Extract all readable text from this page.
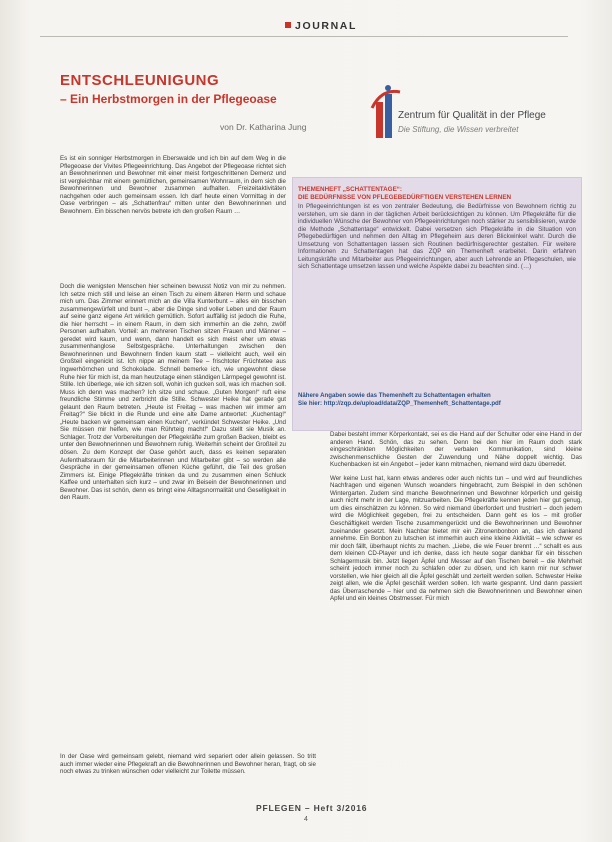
JOURNAL
ENTSCHLEUNIGUNG
– Ein Herbstmorgen in der Pflegeoase
von Dr. Katharina Jung
Zentrum für Qualität in der Pflege
Die Stiftung, die Wissen verbreitet

Es ist ein sonniger Herbstmorgen in Eberswalde und ich bin auf dem Weg in die Pflegeoase der Vivites Pflegeeinrichtung. Das Angebot der Pflegeoase richtet sich an Bewohnerinnen und Bewohner mit einer meist fortgeschrittenen Demenz und ist vergleichbar mit einem gemütlichen, gemeinsamen Wohnraum, in dem sich die Bewohnerinnen und Bewohner zusammen aufhalten. Freizeitaktivitäten nachgehen oder auch gemeinsam essen. Ich darf heute einen Vormittag in der Oase verbringen – als „Schattenfrau“ mitten unter den Bewohnerinnen und Bewohnern. Ein bisschen nervös betrete ich den großen Raum …

Doch die wenigsten Menschen hier scheinen bewusst Notiz von mir zu nehmen. Ich setze mich still und leise an einen Tisch zu einem älteren Herrn und schaue mich um. Das Zimmer erinnert mich an die Villa Kunterbunt – alles ein bisschen zusammengewürfelt und bunt –, aber die Dinge sind voller Leben und der Raum auf seine ganz eigene Art wirklich gemütlich. Sofort auffällig ist jedoch die Ruhe, die hier herrscht – in einem Raum, in dem sich immerhin an die zehn, zwölf Personen aufhalten. Vorteil: an mehreren Tischen sitzen Frauen und Männer – geredet wird kaum, und wenn, dann handelt es sich meist eher um etwas zusammenhanglose Selbstgespräche. Unterhaltungen zwischen den Bewohnerinnen und Bewohnern finden kaum statt – vielleicht auch, weil ein Großteil eingenickt ist. Ich nippe an meinem Tee – frischtoter Früchtetee aus Ingwerhörnchen und Schokolade. Schnell bemerke ich, wie ungewohnt diese Ruhe hier für mich ist, da man heutzutage einen ständigen Lärmpegel gewohnt ist. Stille. Ich überlege, wie ich sitzen soll, wohin ich gucken soll, was ich machen soll. Muss ich denn was machen? Ich sitze und schaue. „Guten Morgen!“ ruft eine freundliche Stimme und zerbricht die Stille. Schwester Heike hat gerade gut gelaunt den Raum betreten. „Heute ist Freitag – was machen wir immer am Freitag?“ Sie blickt in die Runde und eine alte Dame antwortet: „Kuchentag!“ „Heute backen wir gemeinsam einen Kuchen“, verkündet Schwester Heike. „Und Sie müssen mir helfen, wie man Rührteig macht!“ Dazu stellt sie Musik an. Schlager. Trotz der Vorbereitungen der Pflegekräfte zum großen Backen, bleibt es unter den Bewohnerinnen und Bewohnern ruhig. Weiterhin scheint der Großteil zu dösen. Zu dem Konzept der Oase gehört auch, dass es keinen separaten Aufenthaltsraum für die Mitarbeiterinnen und Mitarbeiter gibt – so werden alle Gespräche in der gemeinsamen offenen Küche geführt, die Teil des großen Zimmers ist. Einige Pflegekräfte trinken da und zu zusammen einen Schluck Kaffee und unterhalten sich kurz – und zwar im Beisein der Bewohnerinnen und Bewohner. Das ist schön, denn es bringt eine Alltagsnormalität und Geselligkeit in den Raum.

In der Oase wird gemeinsam gelebt, niemand wird separiert oder allein gelassen. So tritt auch immer wieder eine Pflegekraft an die Bewohnerinnen und Bewohner heran, fragt, ob sie noch etwas zu trinken wünschen oder vielleicht zur Toilette müssen.

THEMENHEFT „SCHATTENTAGE“:
DIE BEDÜRFNISSE VON PFLEGEBEDÜRFTIGEN VERSTEHEN LERNEN
In Pflegeeinrichtungen ist es von zentraler Bedeutung, die Bedürfnisse von Bewohnern richtig zu verstehen, um sie dann in der täglichen Arbeit berücksichtigen zu können. Um Pflegekräfte für die individuellen Wünsche der Bewohner von Pflegeeinrichtungen noch stärker zu sensibilisieren, wurde die Methode „Schattentage“ entwickelt. Dabei versetzen sich Pflegekräfte in die Situation von Pflegebedürftigen und nehmen den Alltag im Pflegeheim aus deren Blickwinkel wahr. Durch die Umsetzung von Schattentagen lassen sich Routinen bedürfnisgerechter gestalten. Für weitere Informationen zu Schattentagen hat das ZQP ein Themenheft erarbeitet. Darin erfahren Leitungskräfte und Mitarbeiter aus Pflegeeinrichtungen, aber auch Lehrende an Pflegeschulen, wie sich Schattentage umsetzen lassen und welche Aspekte dabei zu beachten sind. (…)
Nähere Angaben sowie das Themenheft zu Schattentagen erhalten
Sie hier: http://zqp.de/upload/data/ZQP_Themenheft_Schattentage.pdf

Dabei besteht immer Körperkontakt, sei es die Hand auf der Schulter oder eine Hand in der anderen Hand. Schön, das zu sehen. Denn bei den hier im Raum doch stark eingeschränkten Möglichkeiten der verbalen Kommunikation, sind kleine zwischenmenschliche Gesten der Zuwendung und Nähe doppelt wichtig. Das Kuchenbacken ist ein Angebot – jeder kann mitmachen, niemand wird dazu überredet.

Wer keine Lust hat, kann etwas anderes oder auch nichts tun – und wird auf freundliches Nachfragen und eigenen Wunsch woanders hingebracht, zum Beispiel in den schönen Wintergarten. Zudem sind manche Bewohnerinnen und Bewohner körperlich und geistig auch nicht mehr in der Lage, mitzuarbeiten. Die Pflegekräfte kennen jeden hier gut genug, um dies einschätzen zu können. So wird niemand überfordert und frustriert – doch jedem wird die Möglichkeit gegeben, frei zu entscheiden. Dann geht es los – mit großer Geschäftigkeit werden Tische zusammengerückt und die Bewohnerinnen und Bewohner zueinander gesetzt. Mein Nachbar bietet mir ein Zitronenbonbon an, das ich dankend annehme. Ein Bonbon zu lutschen ist immerhin auch eine kleine Aktivität – wie schwer es mir doch fällt, überhaupt nichts zu machen. „Liebe, die wie Feuer brennt …“ schallt es aus dem kleinen CD-Player und ich denke, dass ich heute sogar dankbar für ein bisschen Schlagermusik bin. Jetzt liegen Äpfel und Messer auf den Tischen bereit – die Mehrheit scheint jedoch immer noch zu schlafen oder zu dösen, und ich kann mir nur schwer vorstellen, wie hier gleich all die Äpfel geschält und zerteilt werden sollen. Schwester Heike zeigt allen, wie die Äpfel geschält werden sollen. Ich warte gespannt. Und dann passiert das Überraschende – hier und da nehmen sich die Bewohnerinnen und Bewohner einen Apfel und ein kleines Obstmesser. Für mich

PFLEGEN – Heft 3/2016
4
